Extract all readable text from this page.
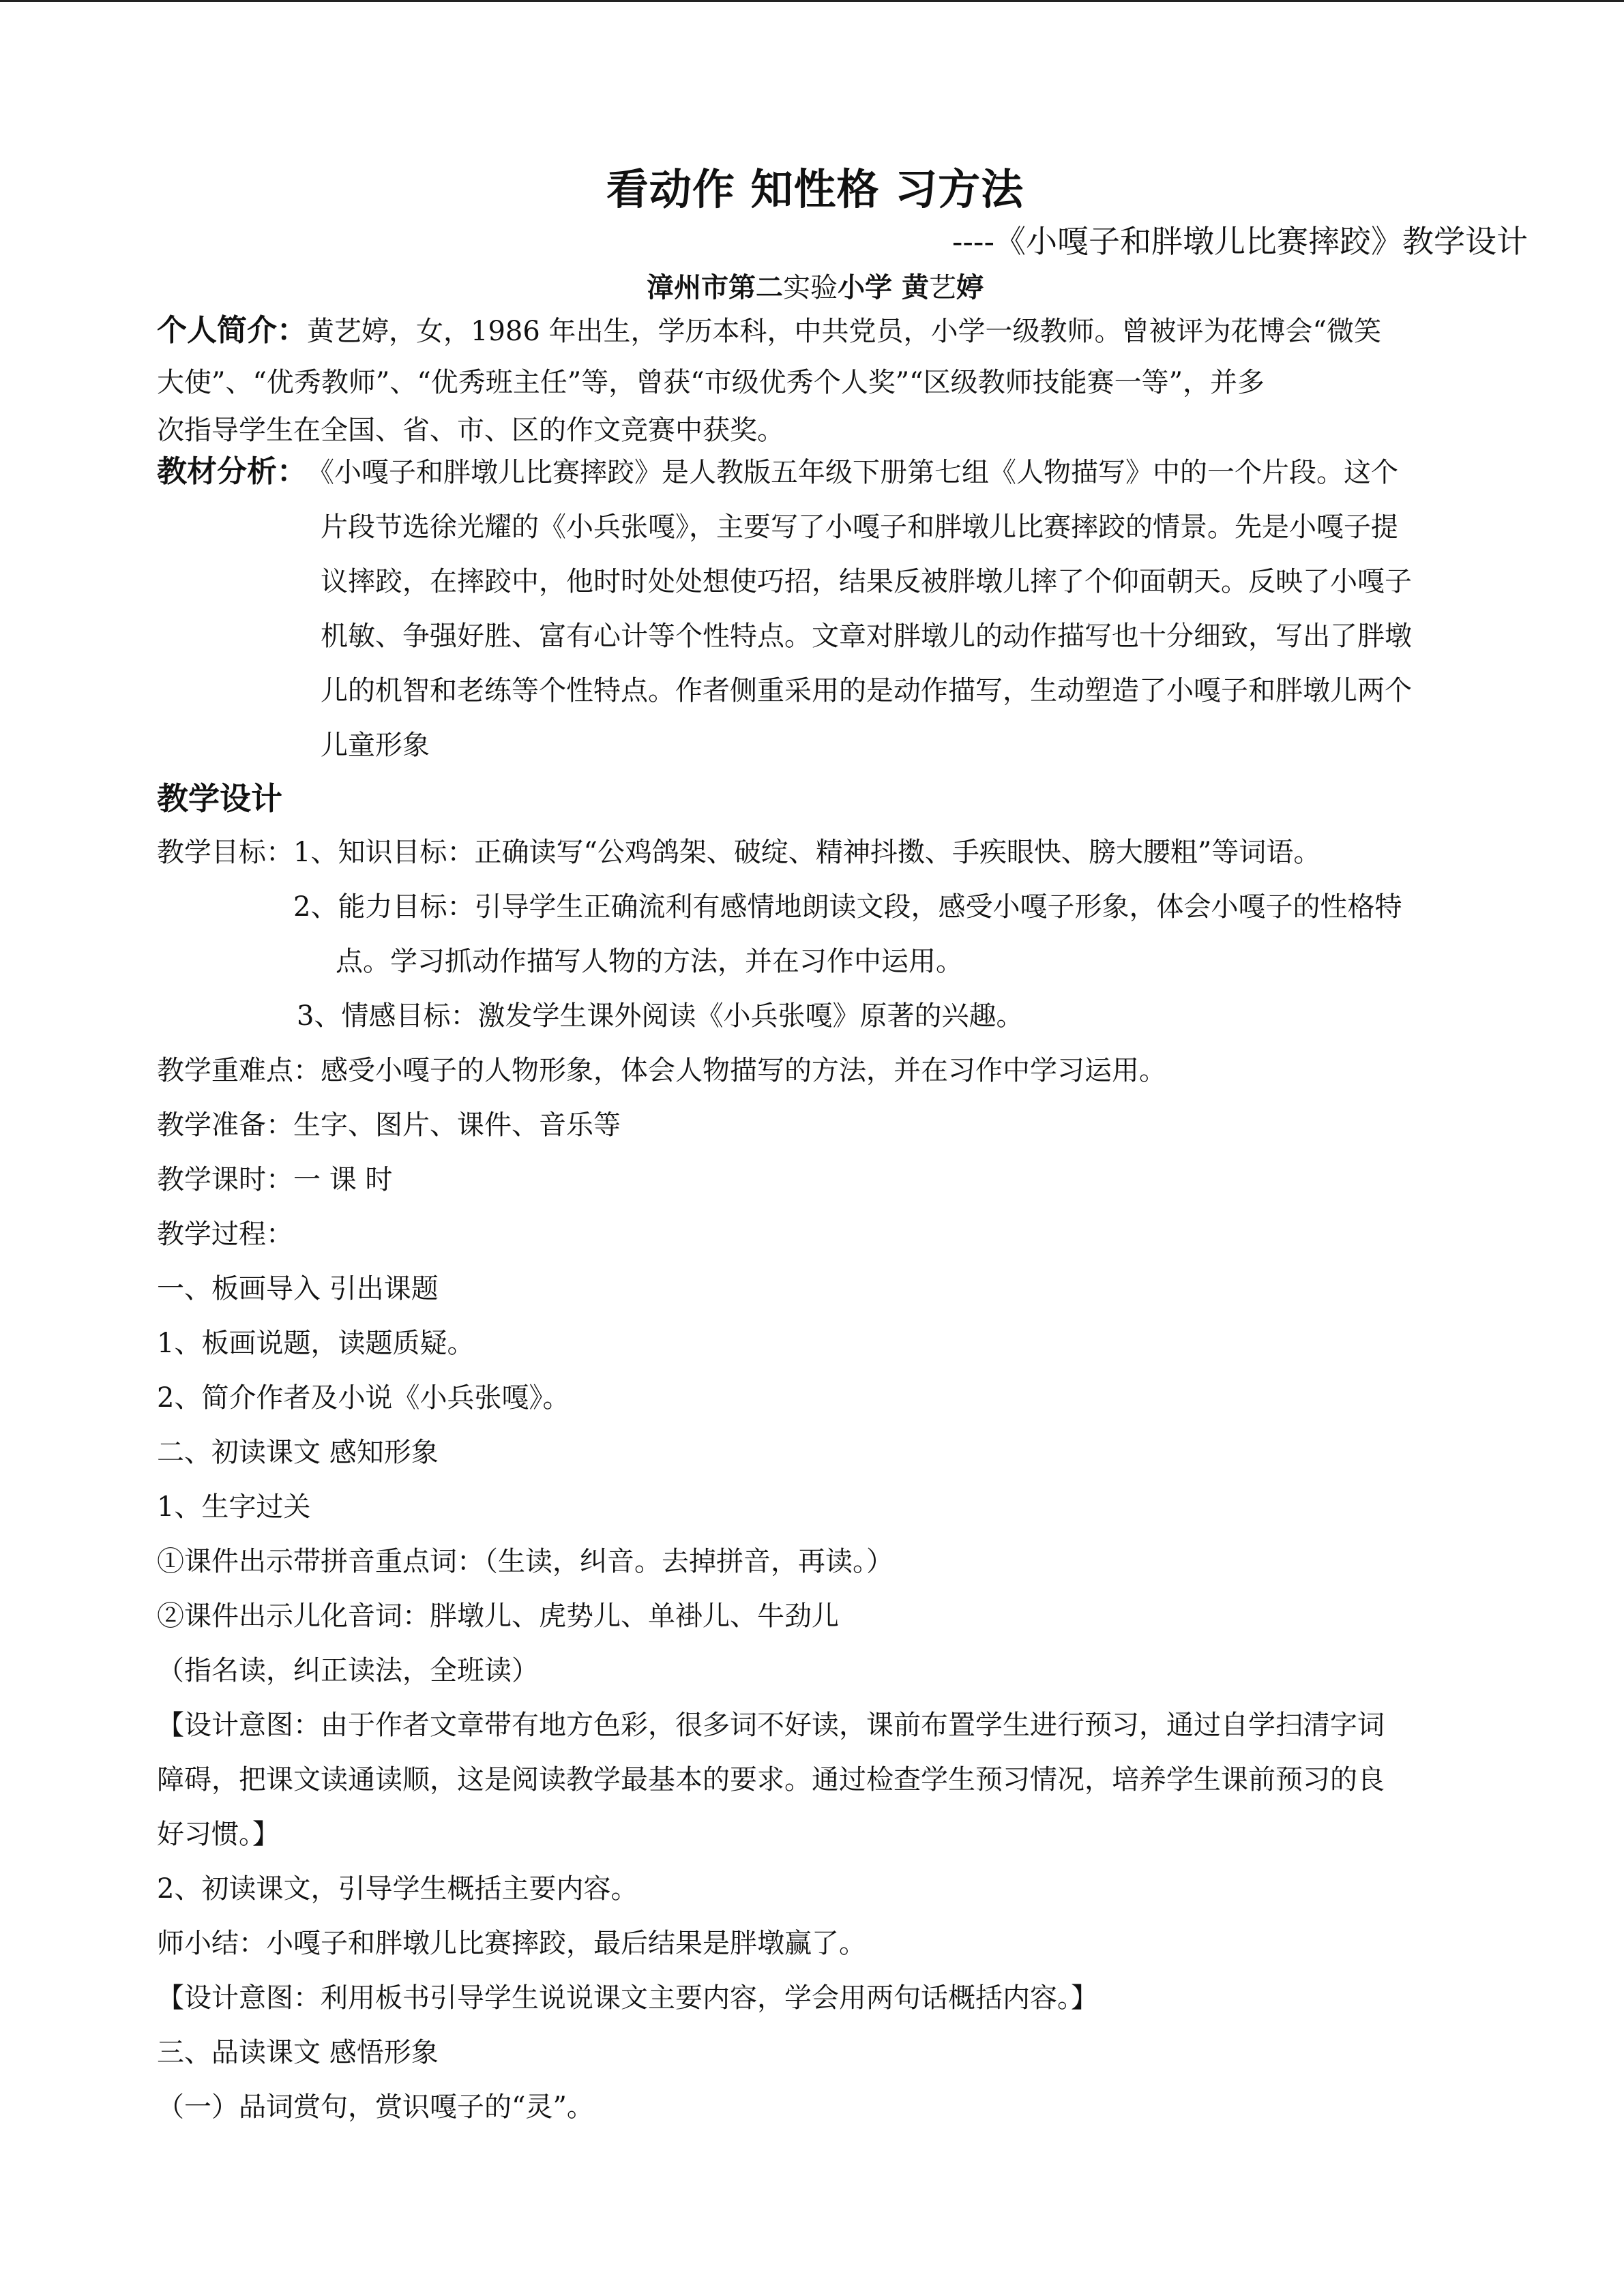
看动作 知性格 习方法
----《小嘎子和胖墩儿比赛摔跤》教学设计
漳州市第二实验小学 黄艺婷
个人简介：黄艺婷，女，1986 年出生，学历本科，中共党员，小学一级教师。曾被评为花博会“微笑
大使”、“优秀教师”、“优秀班主任”等，曾获“市级优秀个人奖”“区级教师技能赛一等”，并多
次指导学生在全国、省、市、区的作文竞赛中获奖。
教材分析： 《小嘎子和胖墩儿比赛摔跤》是人教版五年级下册第七组《人物描写》中的一个片段。这个
片段节选徐光耀的《小兵张嘎》，主要写了小嘎子和胖墩儿比赛摔跤的情景。先是小嘎子提
议摔跤，在摔跤中，他时时处处想使巧招，结果反被胖墩儿摔了个仰面朝天。反映了小嘎子
机敏、争强好胜、富有心计等个性特点。文章对胖墩儿的动作描写也十分细致，写出了胖墩
儿的机智和老练等个性特点。作者侧重采用的是动作描写，生动塑造了小嘎子和胖墩儿两个
儿童形象
教学设计
教学目标：1、知识目标：正确读写“公鸡鸽架、破绽、精神抖擞、手疾眼快、膀大腰粗”等词语。
2、能力目标：引导学生正确流利有感情地朗读文段，感受小嘎子形象，体会小嘎子的性格特
点。学习抓动作描写人物的方法，并在习作中运用。
3、情感目标：激发学生课外阅读《小兵张嘎》原著的兴趣。
教学重难点：感受小嘎子的人物形象，体会人物描写的方法，并在习作中学习运用。
教学准备：生字、图片、课件、音乐等
教学课时：一 课 时
教学过程：
一、板画导入 引出课题
1、板画说题，读题质疑。
2、简介作者及小说《小兵张嘎》。
二、初读课文 感知形象
1、生字过关
①课件出示带拼音重点词：（生读，纠音。去掉拼音，再读。）
②课件出示儿化音词：胖墩儿、虎势儿、单褂儿、牛劲儿
（指名读，纠正读法，全班读）
【设计意图：由于作者文章带有地方色彩，很多词不好读，课前布置学生进行预习，通过自学扫清字词
障碍，把课文读通读顺，这是阅读教学最基本的要求。通过检查学生预习情况，培养学生课前预习的良
好习惯。】
2、初读课文，引导学生概括主要内容。
师小结：小嘎子和胖墩儿比赛摔跤，最后结果是胖墩赢了。
【设计意图：利用板书引导学生说说课文主要内容，学会用两句话概括内容。】
三、品读课文 感悟形象
（一）品词赏句，赏识嘎子的“灵”。
